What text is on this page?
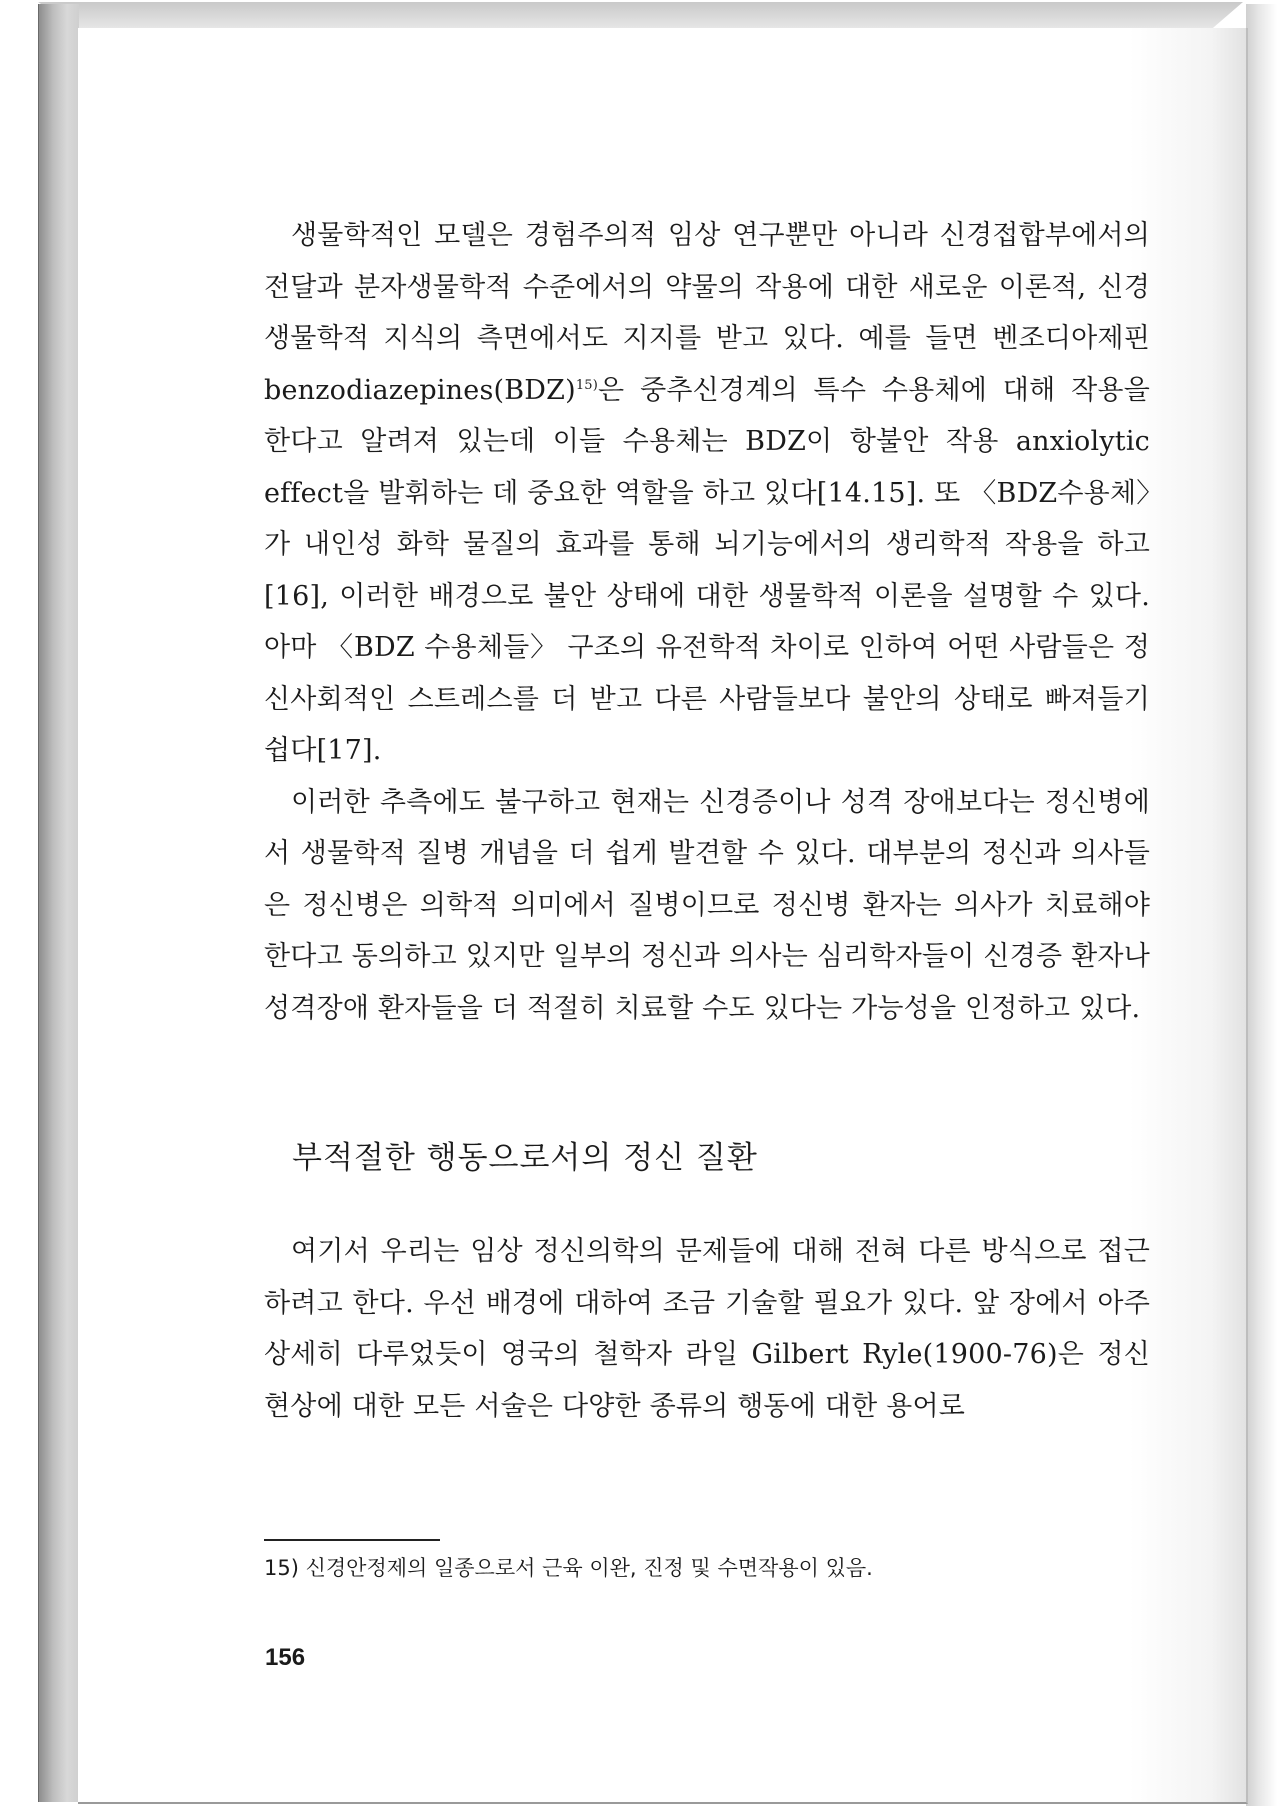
생물학적인 모델은 경험주의적 임상 연구뿐만 아니라 신경접합부에서의 전달과 분자생물학적 수준에서의 약물의 작용에 대한 새로운 이론적, 신경생물학적 지식의 측면에서도 지지를 받고 있다. 예를 들면 벤조디아제핀 benzodiazepines(BDZ)$^{15)}$은 중추신경계의 특수 수용체에 대해 작용을 한다고 알려져 있는데 이들 수용체는 BDZ이 항불안 작용 anxiolytic effect을 발휘하는 데 중요한 역할을 하고 있다[14.15]. 또 〈BDZ수용체〉가 내인성 화학 물질의 효과를 통해 뇌기능에서의 생리학적 작용을 하고[16], 이러한 배경으로 불안 상태에 대한 생물학적 이론을 설명할 수 있다. 아마 〈BDZ 수용체들〉 구조의 유전학적 차이로 인하여 어떤 사람들은 정신사회적인 스트레스를 더 받고 다른 사람들보다 불안의 상태로 빠져들기 쉽다[17].

이러한 추측에도 불구하고 현재는 신경증이나 성격 장애보다는 정신병에서 생물학적 질병 개념을 더 쉽게 발견할 수 있다. 대부분의 정신과 의사들은 정신병은 의학적 의미에서 질병이므로 정신병 환자는 의사가 치료해야 한다고 동의하고 있지만 일부의 정신과 의사는 심리학자들이 신경증 환자나 성격장애 환자들을 더 적절히 치료할 수도 있다는 가능성을 인정하고 있다.

부적절한 행동으로서의 정신 질환

여기서 우리는 임상 정신의학의 문제들에 대해 전혀 다른 방식으로 접근하려고 한다. 우선 배경에 대하여 조금 기술할 필요가 있다. 앞 장에서 아주 상세히 다루었듯이 영국의 철학자 라일 Gilbert Ryle(1900-76)은 정신 현상에 대한 모든 서술은 다양한 종류의 행동에 대한 용어로

15) 신경안정제의 일종으로서 근육 이완, 진정 및 수면작용이 있음.
156
